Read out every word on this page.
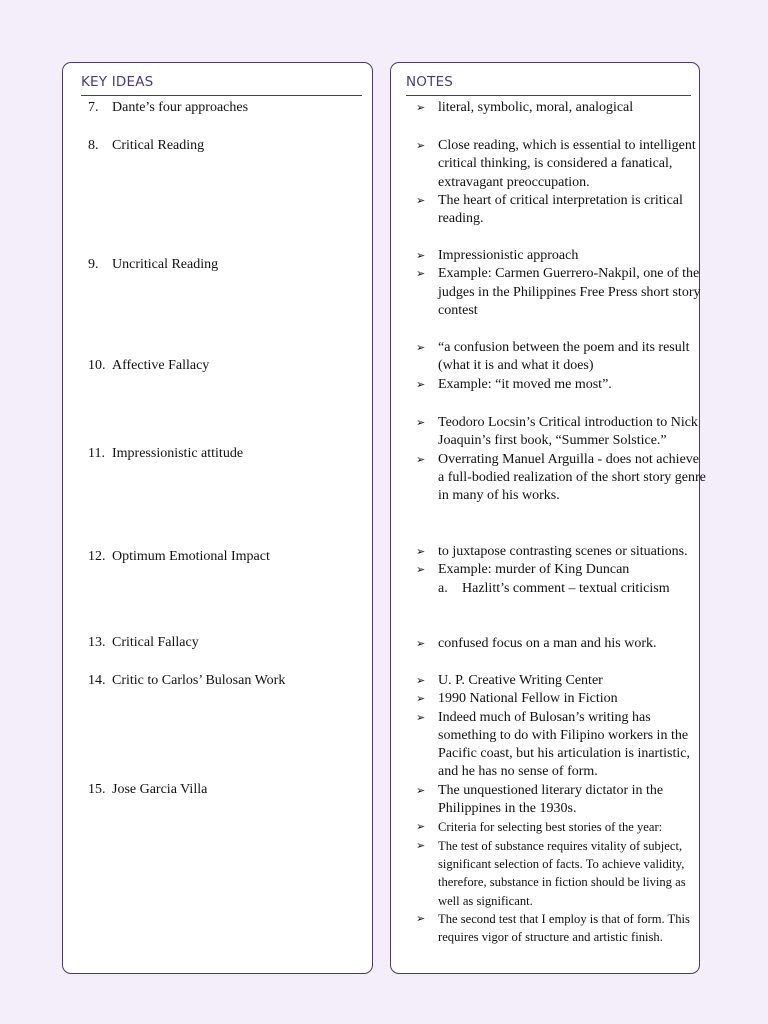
KEY IDEAS	NOTES
7. Dante’s four approaches
8. Critical Reading
9. Uncritical Reading
10. Affective Fallacy
11. Impressionistic attitude
12. Optimum Emotional Impact
13. Critical Fallacy
14. Critic to Carlos’ Bulosan Work
15. Jose Garcia Villa
➢ literal, symbolic, moral, analogical
➢ Close reading, which is essential to intelligent critical thinking, is considered a fanatical, extravagant preoccupation.
➢ The heart of critical interpretation is critical reading.
➢ Impressionistic approach
➢ Example: Carmen Guerrero-Nakpil, one of the judges in the Philippines Free Press short story contest
➢ “a confusion between the poem and its result (what it is and what it does)
➢ Example: “it moved me most”.
➢ Teodoro Locsin’s Critical introduction to Nick Joaquin’s first book, “Summer Solstice.”
➢ Overrating Manuel Arguilla - does not achieve a full-bodied realization of the short story genre in many of his works.
➢ to juxtapose contrasting scenes or situations.
➢ Example: murder of King Duncan
a. Hazlitt’s comment – textual criticism
➢ confused focus on a man and his work.
➢ U. P. Creative Writing Center
➢ 1990 National Fellow in Fiction
➢ Indeed much of Bulosan’s writing has something to do with Filipino workers in the Pacific coast, but his articulation is inartistic, and he has no sense of form.
➢ The unquestioned literary dictator in the Philippines in the 1930s.
➢ Criteria for selecting best stories of the year:
➢ The test of substance requires vitality of subject, significant selection of facts. To achieve validity, therefore, substance in fiction should be living as well as significant.
➢ The second test that I employ is that of form. This requires vigor of structure and artistic finish.
